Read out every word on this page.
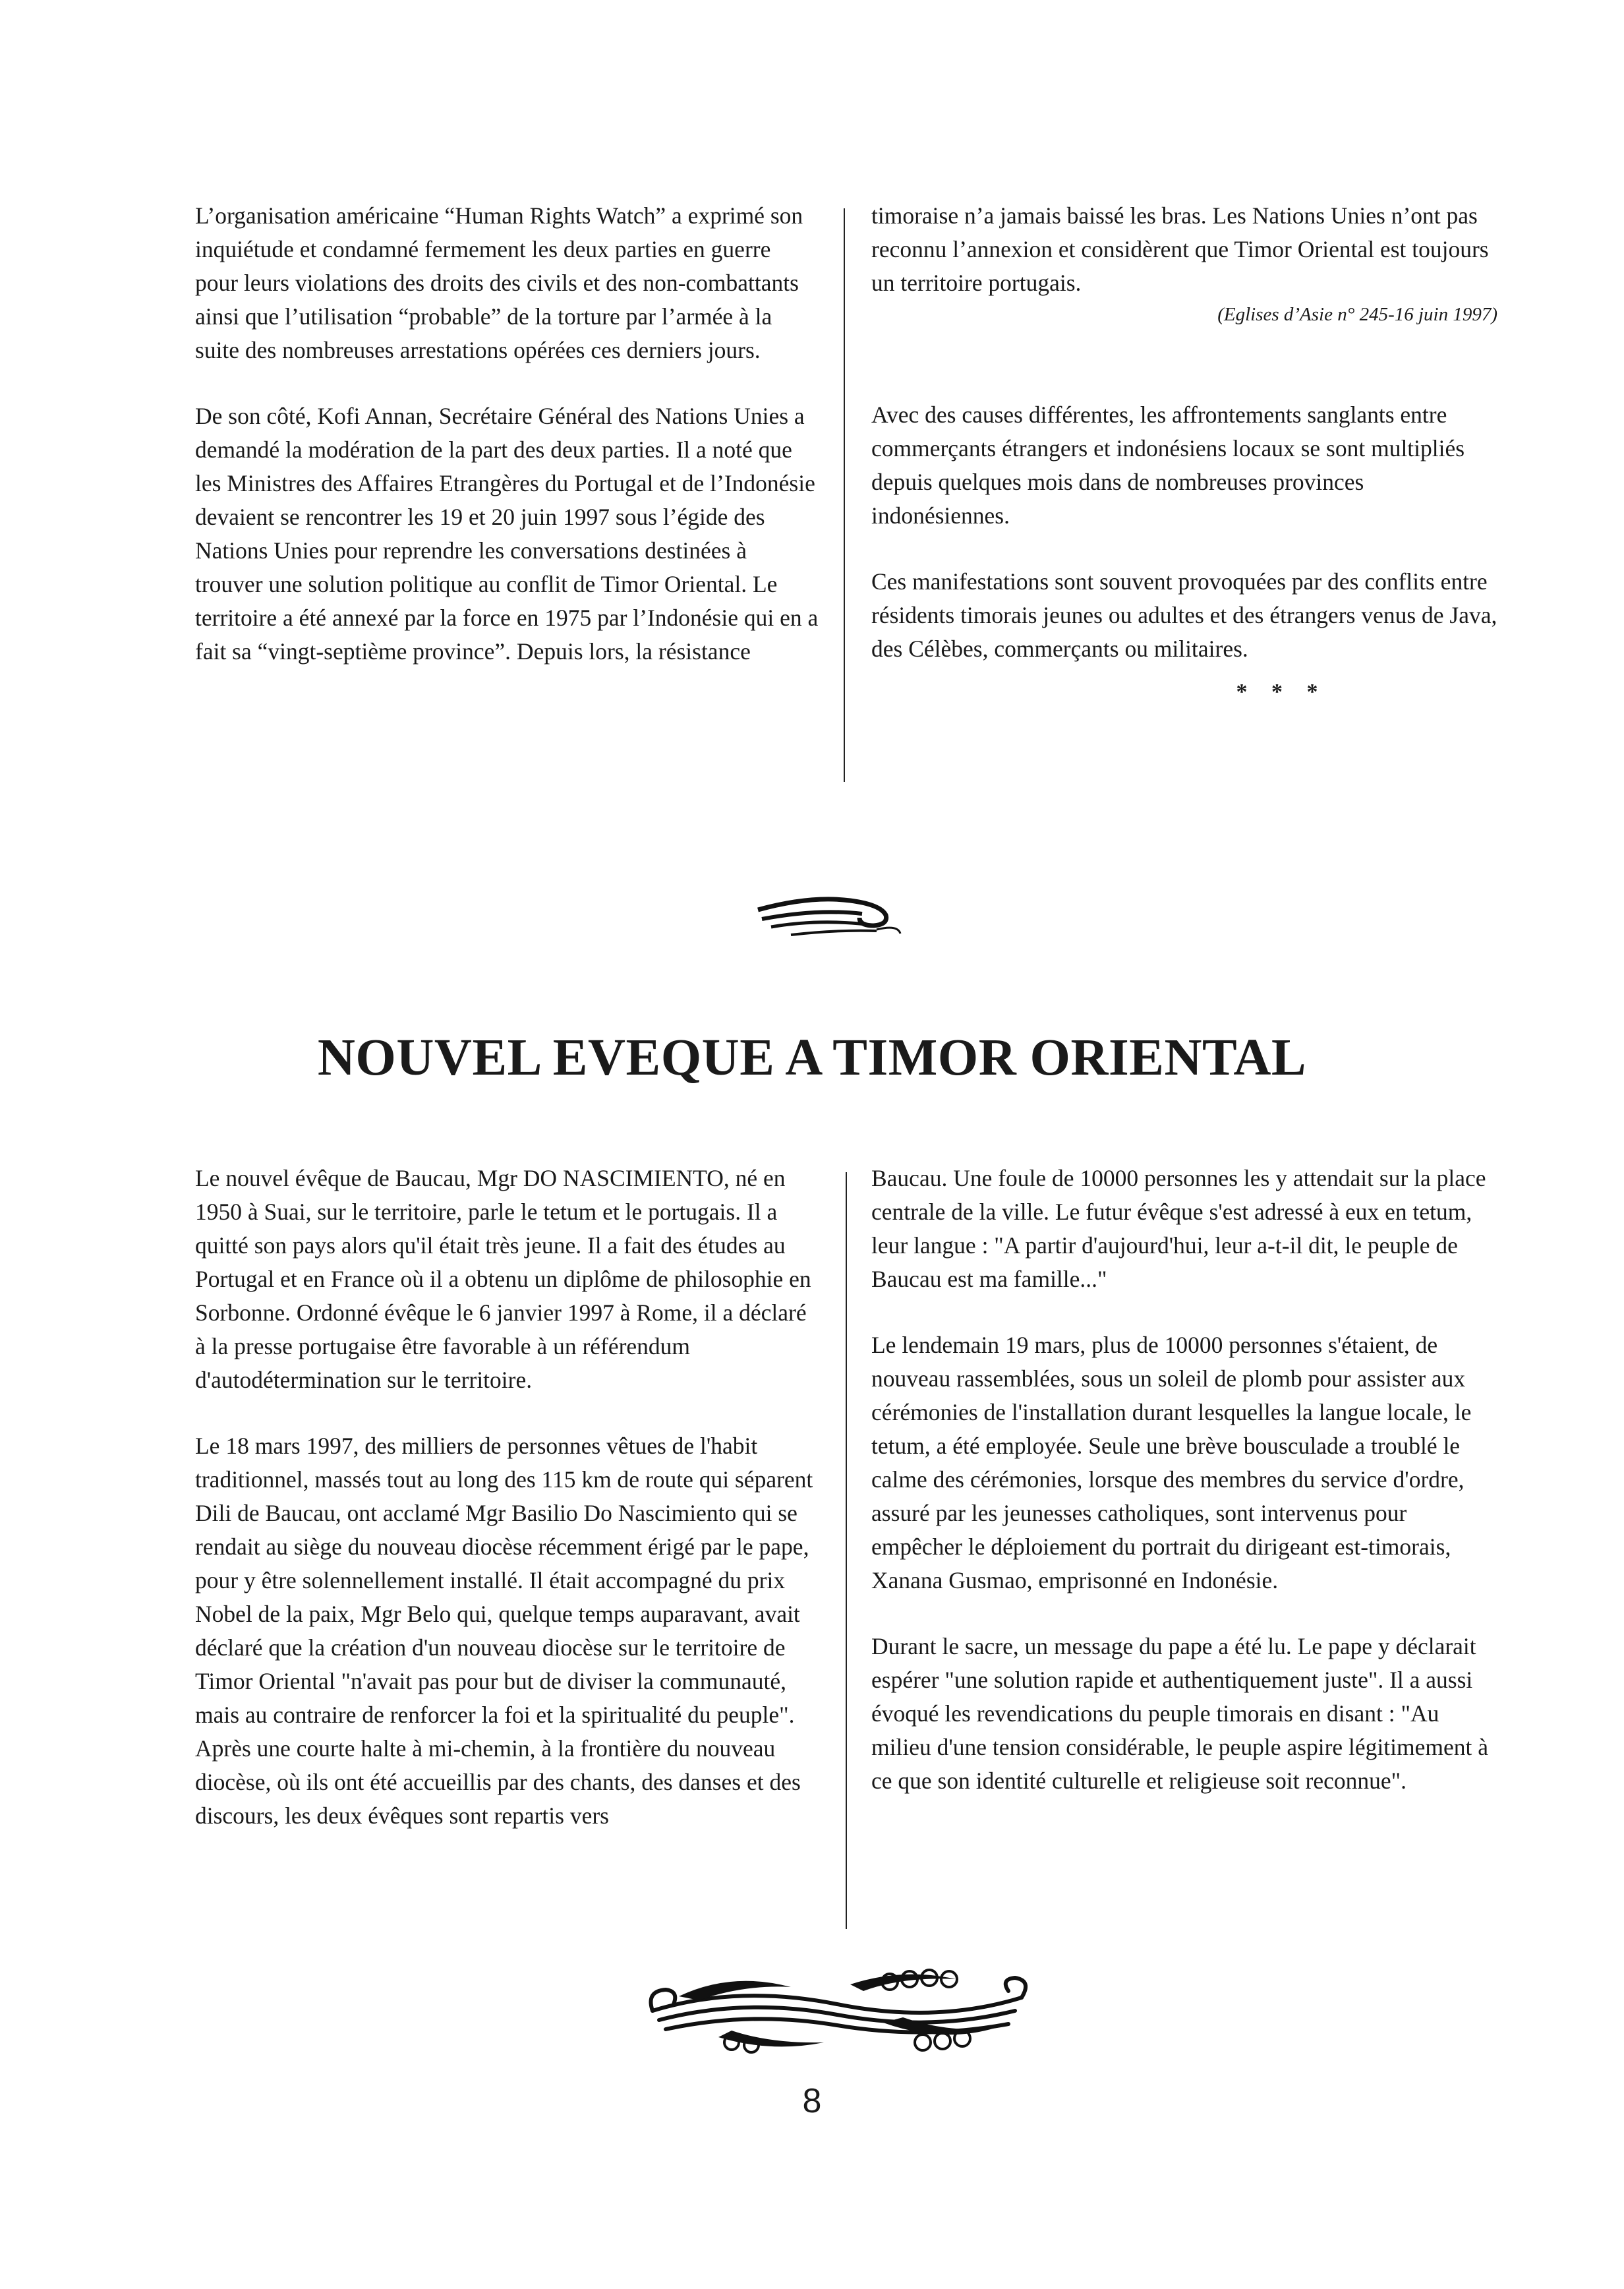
L’organisation américaine “Human Rights Watch” a exprimé son inquiétude et condamné fermement les deux parties en guerre pour leurs violations des droits des civils et des non-combattants ainsi que l’utilisation “probable” de la torture par l’armée à la suite des nombreuses arrestations opérées ces derniers jours.

De son côté, Kofi Annan, Secrétaire Général des Nations Unies a demandé la modération de la part des deux parties. Il a noté que les Ministres des Affaires Etrangères du Portugal et de l’Indonésie devaient se rencontrer les 19 et 20 juin 1997 sous l’égide des Nations Unies pour reprendre les conversations destinées à trouver une solution politique au conflit de Timor Oriental. Le territoire a été annexé par la force en 1975 par l’Indonésie qui en a fait sa “vingt-septième province”. Depuis lors, la résistance

timoraise n’a jamais baissé les bras. Les Nations Unies n’ont pas reconnu l’annexion et considèrent que Timor Oriental est toujours un territoire portugais.

(Eglises d’Asie n° 245-16 juin 1997)

Avec des causes différentes, les affrontements sanglants entre commerçants étrangers et indonésiens locaux se sont multipliés depuis quelques mois dans de nombreuses provinces indonésiennes.

Ces manifestations sont souvent provoquées par des conflits entre résidents timorais jeunes ou adultes et des étrangers venus de Java, des Célèbes, commerçants ou militaires.

* * *
NOUVEL EVEQUE A TIMOR ORIENTAL

Le nouvel évêque de Baucau, Mgr DO NASCIMIENTO, né en 1950 à Suai, sur le territoire, parle le tetum et le portugais. Il a quitté son pays alors qu'il était très jeune. Il a fait des études au Portugal et en France où il a obtenu un diplôme de philosophie en Sorbonne. Ordonné évêque le 6 janvier 1997 à Rome, il a déclaré à la presse portugaise être favorable à un référendum d'autodétermination sur le territoire.

Le 18 mars 1997, des milliers de personnes vêtues de l'habit traditionnel, massés tout au long des 115 km de route qui séparent Dili de Baucau, ont acclamé Mgr Basilio Do Nascimiento qui se rendait au siège du nouveau diocèse récemment érigé par le pape, pour y être solennellement installé. Il était accompagné du prix Nobel de la paix, Mgr Belo qui, quelque temps auparavant, avait déclaré que la création d'un nouveau diocèse sur le territoire de Timor Oriental "n'avait pas pour but de diviser la communauté, mais au contraire de renforcer la foi et la spiritualité du peuple". Après une courte halte à mi-chemin, à la frontière du nouveau diocèse, où ils ont été accueillis par des chants, des danses et des discours, les deux évêques sont repartis vers

Baucau. Une foule de 10000 personnes les y attendait sur la place centrale de la ville. Le futur évêque s'est adressé à eux en tetum, leur langue : "A partir d'aujourd'hui, leur a-t-il dit, le peuple de Baucau est ma famille..."

Le lendemain 19 mars, plus de 10000 personnes s'étaient, de nouveau rassemblées, sous un soleil de plomb pour assister aux cérémonies de l'installation durant lesquelles la langue locale, le tetum, a été employée. Seule une brève bousculade a troublé le calme des cérémonies, lorsque des membres du service d'ordre, assuré par les jeunesses catholiques, sont intervenus pour empêcher le déploiement du portrait du dirigeant est-timorais, Xanana Gusmao, emprisonné en Indonésie.

Durant le sacre, un message du pape a été lu. Le pape y déclarait espérer "une solution rapide et authentiquement juste". Il a aussi évoqué les revendications du peuple timorais en disant : "Au milieu d'une tension considérable, le peuple aspire légitimement à ce que son identité culturelle et religieuse soit reconnue".

8
